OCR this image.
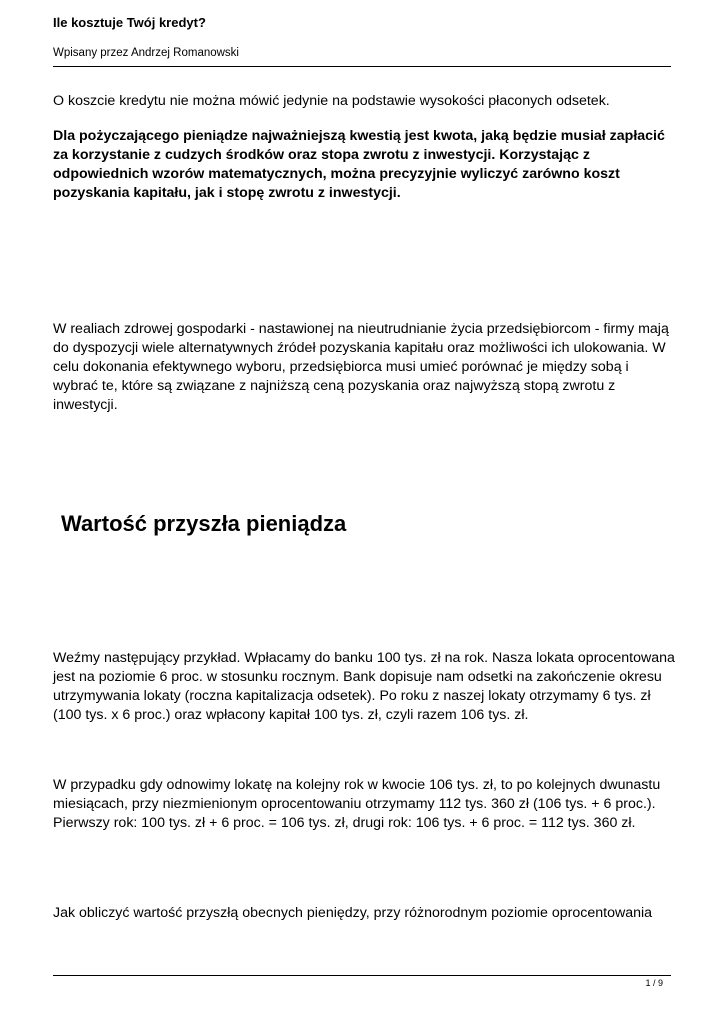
Ile kosztuje Twój kredyt?
Wpisany przez Andrzej Romanowski

O koszcie kredytu nie można mówić jedynie na podstawie wysokości płaconych odsetek.

Dla pożyczającego pieniądze najważniejszą kwestią jest kwota, jaką będzie musiał zapłacić za korzystanie z cudzych środków oraz stopa zwrotu z inwestycji. Korzystając z odpowiednich wzorów matematycznych, można precyzyjnie wyliczyć zarówno koszt pozyskania kapitału, jak i stopę zwrotu z inwestycji.

W realiach zdrowej gospodarki - nastawionej na nieutrudnianie życia przedsiębiorcom - firmy mają do dyspozycji wiele alternatywnych źródeł pozyskania kapitału oraz możliwości ich ulokowania. W celu dokonania efektywnego wyboru, przedsiębiorca musi umieć porównać je między sobą i wybrać te, które są związane z najniższą ceną pozyskania oraz najwyższą stopą zwrotu z inwestycji.

Wartość przyszła pieniądza

Weźmy następujący przykład. Wpłacamy do banku 100 tys. zł na rok. Nasza lokata oprocentowana jest na poziomie 6 proc. w stosunku rocznym. Bank dopisuje nam odsetki na zakończenie okresu utrzymywania lokaty (roczna kapitalizacja odsetek). Po roku z naszej lokaty otrzymamy 6 tys. zł (100 tys. x 6 proc.) oraz wpłacony kapitał 100 tys. zł, czyli razem 106 tys. zł.

W przypadku gdy odnowimy lokatę na kolejny rok w kwocie 106 tys. zł, to po kolejnych dwunastu miesiącach, przy niezmienionym oprocentowaniu otrzymamy 112 tys. 360 zł (106 tys. + 6 proc.). Pierwszy rok: 100 tys. zł + 6 proc. = 106 tys. zł, drugi rok: 106 tys. + 6 proc. = 112 tys. 360 zł.

Jak obliczyć wartość przyszłą obecnych pieniędzy, przy różnorodnym poziomie oprocentowania

1 / 9
